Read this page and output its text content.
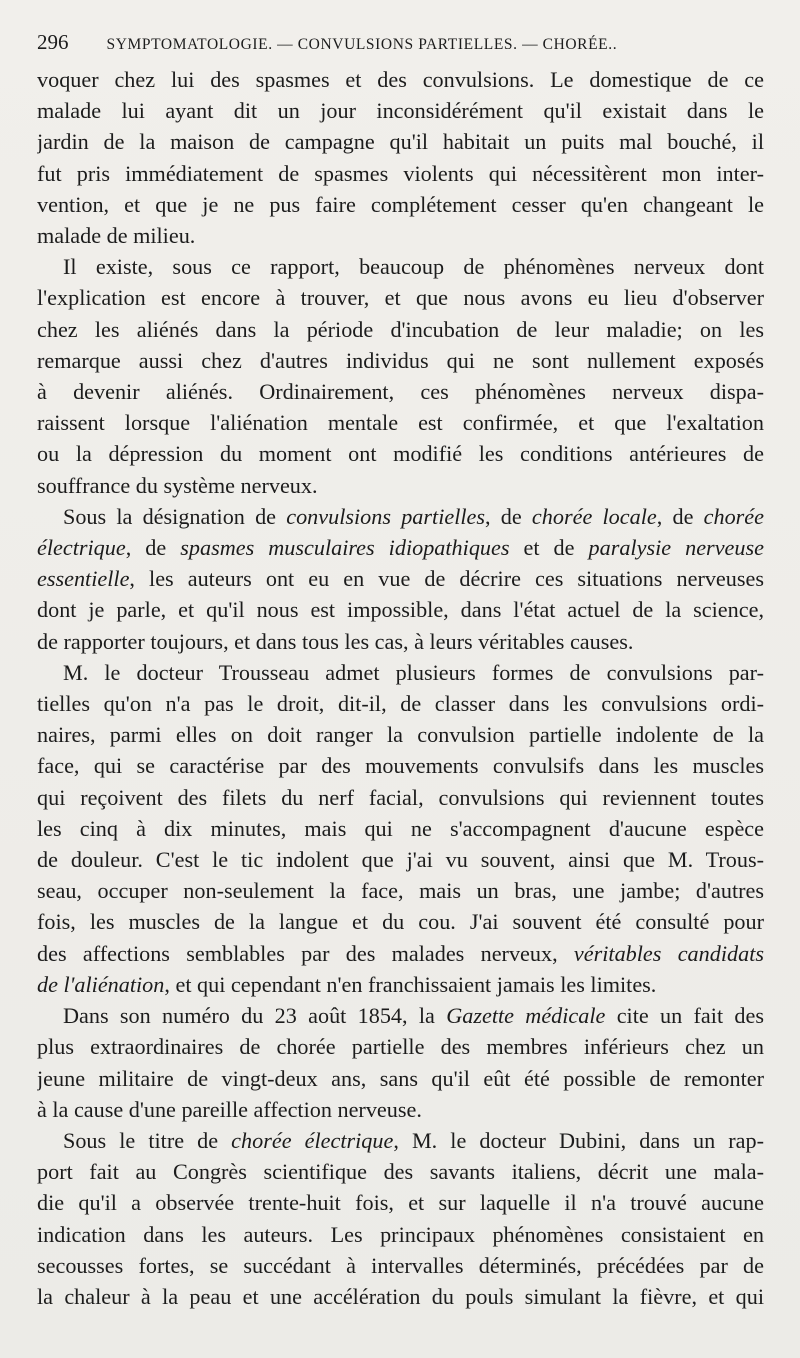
296 SYMPTOMATOLOGIE. — CONVULSIONS PARTIELLES. — CHORÉE..
voquer chez lui des spasmes et des convulsions. Le domestique de ce
malade lui ayant dit un jour inconsidérément qu'il existait dans le
jardin de la maison de campagne qu'il habitait un puits mal bouché, il
fut pris immédiatement de spasmes violents qui nécessitèrent mon inter-
vention, et que je ne pus faire complétement cesser qu'en changeant le
malade de milieu.
Il existe, sous ce rapport, beaucoup de phénomènes nerveux dont
l'explication est encore à trouver, et que nous avons eu lieu d'observer
chez les aliénés dans la période d'incubation de leur maladie; on les
remarque aussi chez d'autres individus qui ne sont nullement exposés
à devenir aliénés. Ordinairement, ces phénomènes nerveux dispa-
raissent lorsque l'aliénation mentale est confirmée, et que l'exaltation
ou la dépression du moment ont modifié les conditions antérieures de
souffrance du système nerveux.
Sous la désignation de convulsions partielles, de chorée locale, de chorée
électrique, de spasmes musculaires idiopathiques et de paralysie nerveuse
essentielle, les auteurs ont eu en vue de décrire ces situations nerveuses
dont je parle, et qu'il nous est impossible, dans l'état actuel de la science,
de rapporter toujours, et dans tous les cas, à leurs véritables causes.
M. le docteur Trousseau admet plusieurs formes de convulsions par-
tielles qu'on n'a pas le droit, dit-il, de classer dans les convulsions ordi-
naires, parmi elles on doit ranger la convulsion partielle indolente de la
face, qui se caractérise par des mouvements convulsifs dans les muscles
qui reçoivent des filets du nerf facial, convulsions qui reviennent toutes
les cinq à dix minutes, mais qui ne s'accompagnent d'aucune espèce
de douleur. C'est le tic indolent que j'ai vu souvent, ainsi que M. Trous-
seau, occuper non-seulement la face, mais un bras, une jambe; d'autres
fois, les muscles de la langue et du cou. J'ai souvent été consulté pour
des affections semblables par des malades nerveux, véritables candidats
de l'aliénation, et qui cependant n'en franchissaient jamais les limites.
Dans son numéro du 23 août 1854, la Gazette médicale cite un fait des
plus extraordinaires de chorée partielle des membres inférieurs chez un
jeune militaire de vingt-deux ans, sans qu'il eût été possible de remonter
à la cause d'une pareille affection nerveuse.
Sous le titre de chorée électrique, M. le docteur Dubini, dans un rap-
port fait au Congrès scientifique des savants italiens, décrit une mala-
die qu'il a observée trente-huit fois, et sur laquelle il n'a trouvé aucune
indication dans les auteurs. Les principaux phénomènes consistaient en
secousses fortes, se succédant à intervalles déterminés, précédées par de
la chaleur à la peau et une accélération du pouls simulant la fièvre, et qui
